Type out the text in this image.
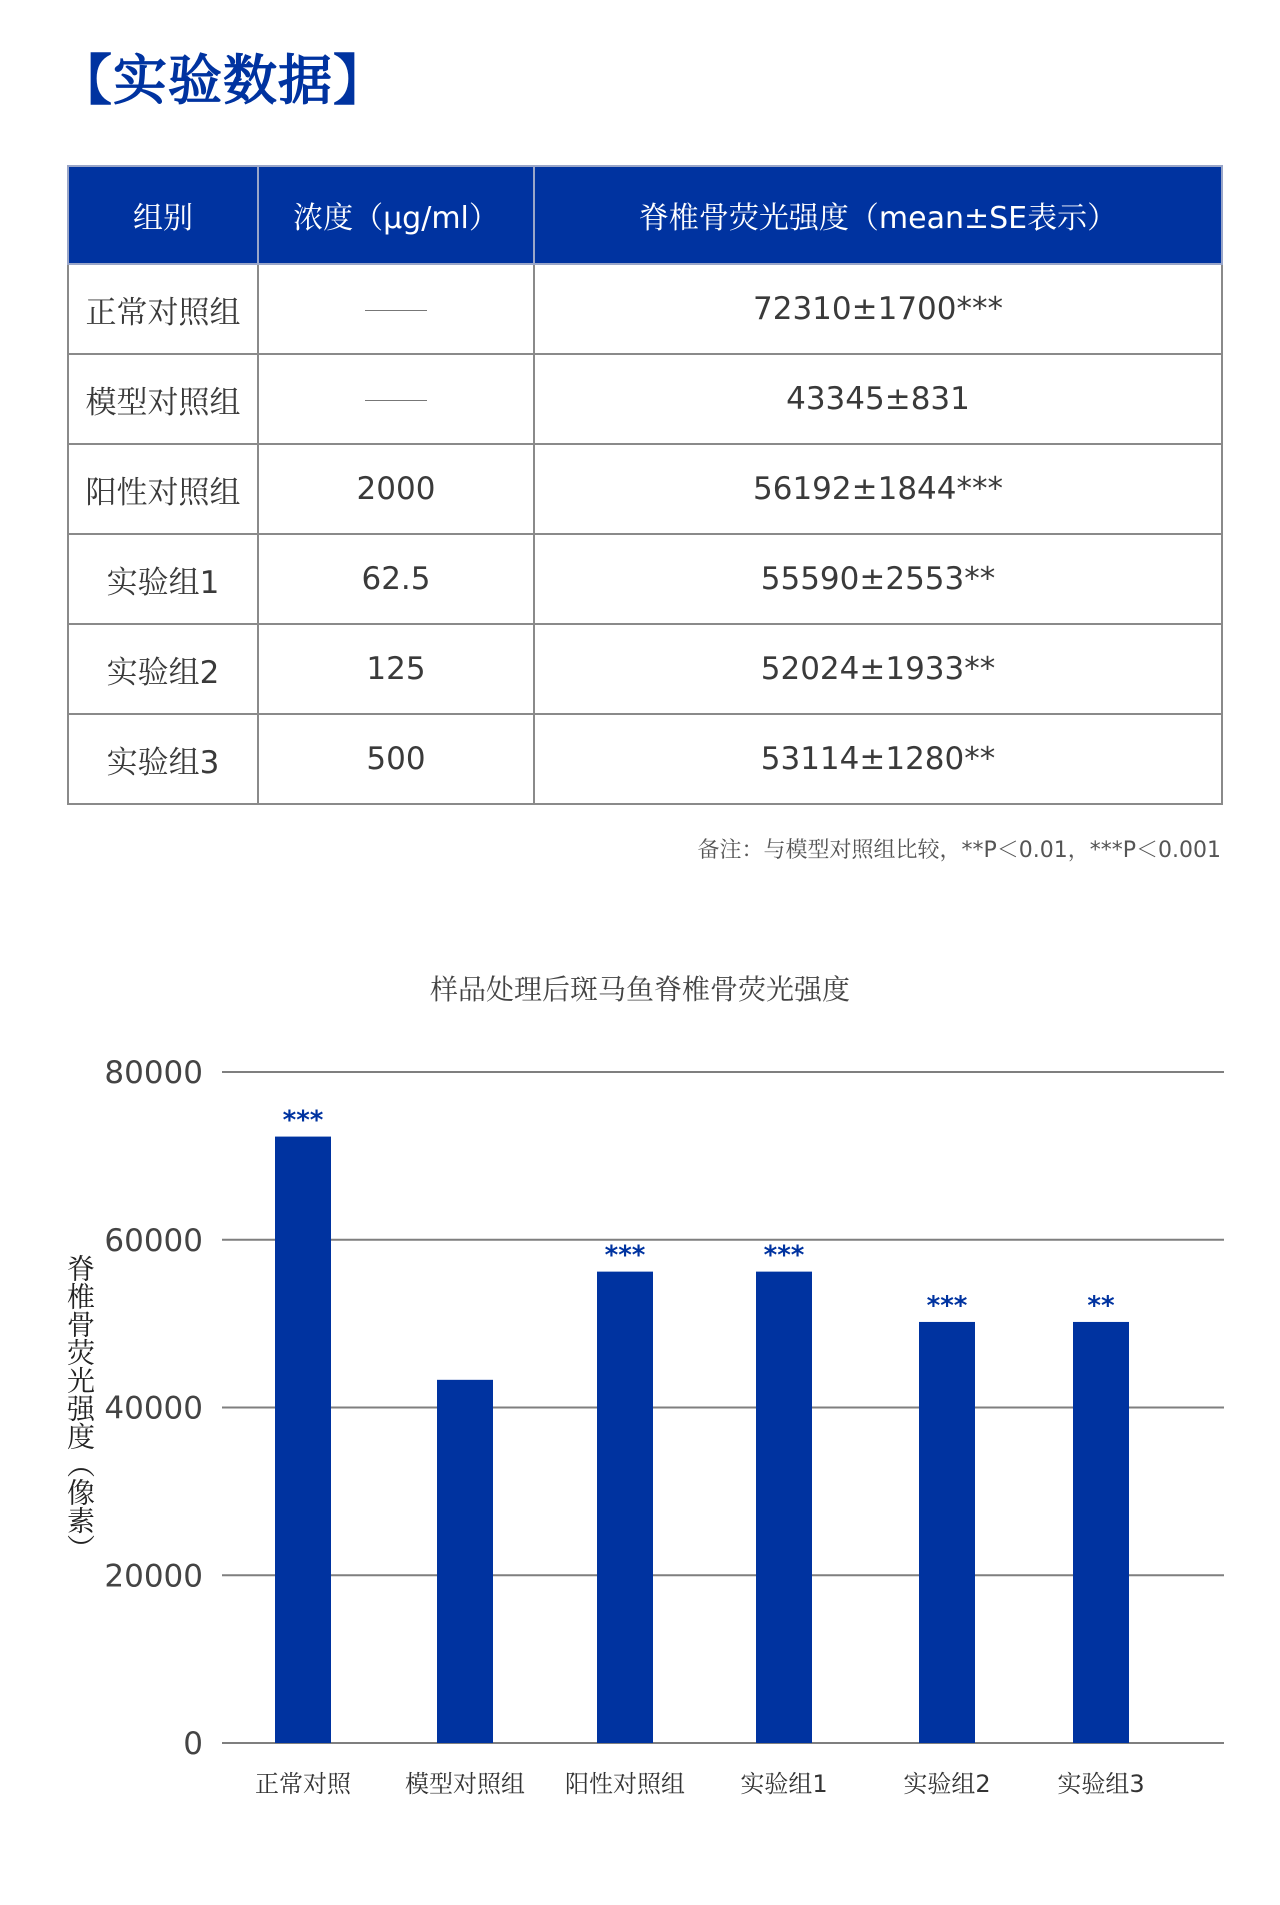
【实验数据】
组别	浓度（μg/ml）	脊椎骨荧光强度（mean±SE表示）
正常对照组		72310±1700***
模型对照组		43345±831
阳性对照组	2000	56192±1844***
实验组1	62.5	55590±2553**
实验组2	125	52024±1933**
实验组3	500	53114±1280**
备注：与模型对照组比较，**P＜0.01，***P＜0.001
样品处理后斑马鱼脊椎骨荧光强度
脊椎骨荧光强度（像素）
0
20000
40000
60000
80000
***
***	***
***	**
正常对照 模型对照组 阳性对照组 实验组1	实验组2	实验组3
